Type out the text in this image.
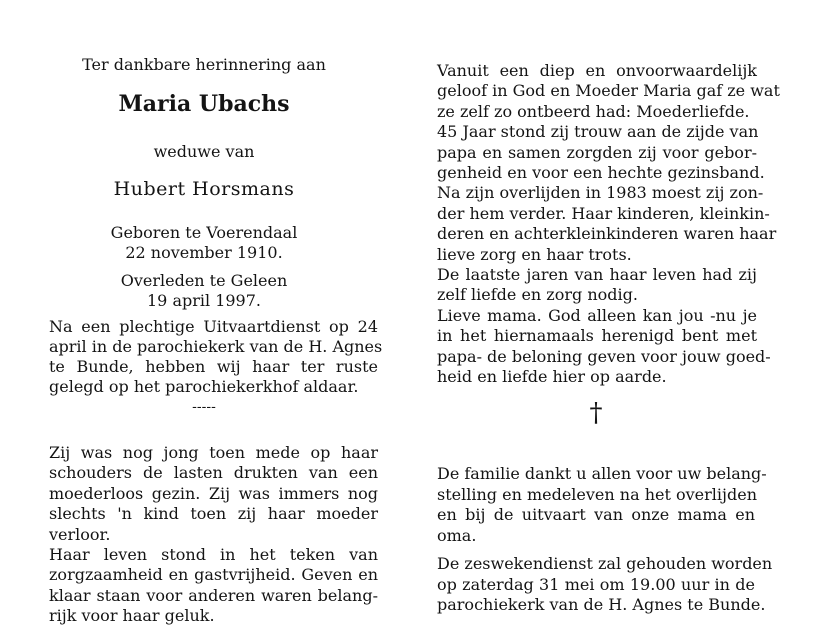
Ter dankbare herinnering aan
Maria Ubachs
weduwe van
Hubert Horsmans
Geboren te Voerendaal
22 november 1910.
Overleden te Geleen
19 april 1997.
Na een plechtige Uitvaartdienst op 24
april in de parochiekerk van de H. Agnes
te Bunde, hebben wij haar ter ruste
gelegd op het parochiekerkhof aldaar.
-----
Zij was nog jong toen mede op haar
schouders de lasten drukten van een
moederloos gezin. Zij was immers nog
slechts 'n kind toen zij haar moeder
verloor.
Haar leven stond in het teken van
zorgzaamheid en gastvrijheid. Geven en
klaar staan voor anderen waren belang-
rijk voor haar geluk.
Vanuit een diep en onvoorwaardelijk
geloof in God en Moeder Maria gaf ze wat
ze zelf zo ontbeerd had: Moederliefde.
45 Jaar stond zij trouw aan de zijde van
papa en samen zorgden zij voor gebor-
genheid en voor een hechte gezinsband.
Na zijn overlijden in 1983 moest zij zon-
der hem verder. Haar kinderen, kleinkin-
deren en achterkleinkinderen waren haar
lieve zorg en haar trots.
De laatste jaren van haar leven had zij
zelf liefde en zorg nodig.
Lieve mama. God alleen kan jou -nu je
in het hiernamaals herenigd bent met
papa- de beloning geven voor jouw goed-
heid en liefde hier op aarde.
†
De familie dankt u allen voor uw belang-
stelling en medeleven na het overlijden
en bij de uitvaart van onze mama en
oma.
De zeswekendienst zal gehouden worden
op zaterdag 31 mei om 19.00 uur in de
parochiekerk van de H. Agnes te Bunde.
